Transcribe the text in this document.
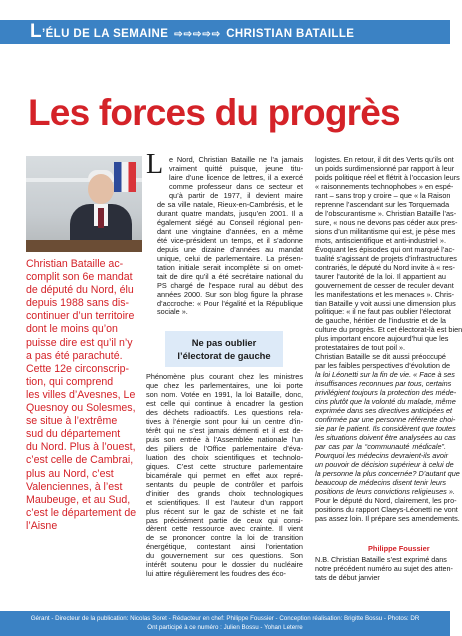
L’ÉLU DE LA SEMAINE ⇨⇨⇨⇨⇨ CHRISTIAN BATAILLE
Les forces du progrès

Christian Bataille ac-
complit son 6e mandat
de député du Nord, élu
depuis 1988 sans dis-
continuer d’un territoire
dont le moins qu’on
puisse dire est qu’il n’y
a pas été parachuté.
Cette 12e circonscrip-
tion, qui comprend
les villes d’Avesnes, Le
Quesnoy ou Solesmes,
se situe à l’extrême
sud du département
du Nord. Plus à l’ouest,
c’est celle de Cambrai,
plus au Nord, c’est
Valenciennes, à l’est
Maubeuge, et au Sud,
c’est le département de
l’Aisne

L e Nord, Christian Bataille ne l’a jamais
vraiment quitté puisque, jeune titu-
laire d’une licence de lettres, il a exercé
comme professeur dans ce secteur et
qu’à partir de 1977, il devient maire
de sa ville natale, Rieux-en-Cambrésis, et le
durant quatre mandats, jusqu’en 2001. Il a
également siégé au Conseil régional pen-
dant une vingtaine d’années, en a même
été vice-président un temps, et il s’adonne
depuis une dizaine d’années au mandat
unique, celui de parlementaire. La présen-
tation initiale serait incomplète si on omet-
tait de dire qu’il a été secrétaire national du
PS chargé de l’espace rural au début des
années 2000. Sur son blog figure la phrase
d’accroche: « Pour l’égalité et la République
sociale ».
Ne pas oublier
l’électorat de gauche
Phénomène plus courant chez les ministres
que chez les parlementaires, une loi porte
son nom. Votée en 1991, la loi Bataille, donc,
est celle qui continue à encadrer la gestion
des déchets radioactifs. Les questions rela-
tives à l’énergie sont pour lui un centre d’in-
térêt qui ne s’est jamais démenti et il est de-
puis son entrée à l’Assemblée nationale l’un
des piliers de l’Office parlementaire d’éva-
luation des choix scientifiques et technolo-
giques. C’est cette structure parlementaire
bicamérale qui permet en effet aux repré-
sentants du peuple de contrôler et parfois
d’initier des grands choix technologiques
et scientifiques. Il est l’auteur d’un rapport
plus récent sur le gaz de schiste et ne fait
pas précisément partie de ceux qui consi-
dèrent cette ressource avec crainte. Il vient
de se prononcer contre la loi de transition
énergétique, contestant ainsi l’orientation
du gouvernement sur ces questions. Son
intérêt soutenu pour le dossier du nucléaire
lui attire régulièrement les foudres des éco-
logistes. En retour, il dit des Verts qu’ils ont
un poids surdimensionné par rapport à leur
poids politique réel et flétrit à l’occasion leurs
« raisonnements technophobes » en espé-
rant – sans trop y croire – que « la Raison
reprenne l’ascendant sur les Torquemada
de l’obscurantisme ». Christian Bataille l’as-
sure, « nous ne devons pas céder aux pres-
sions d’un militantisme qui est, je pèse mes
mots, antiscientifique et anti-industriel ».
Évoquant les épisodes qui ont marqué l’ac-
tualité s’agissant de projets d’infrastructures
contrariés, le député du Nord invite à « res-
taurer l’autorité de la loi. Il appartient au
gouvernement de cesser de reculer devant
les manifestations et les menaces ». Chris-
tian Bataille y voit aussi une dimension plus
politique: « il ne faut pas oublier l’électorat
de gauche, héritier de l’industrie et de la
culture du progrès. Et cet électorat-là est bien
plus important encore aujourd’hui que les
protestataires de tout poil ».
Christian Bataille se dit aussi préoccupé
par les faibles perspectives d’évolution de
la loi Léonetti sur la fin de vie. « Face à ses
insuffisances reconnues par tous, certains
privilégient toujours la protection des méde-
cins plutôt que la volonté du malade, même
exprimée dans ses directives anticipées et
confirmée par une personne référente choi-
sie par le patient. Ils considèrent que toutes
les situations doivent être analysées au cas
par cas par la “communauté médicale”.
Pourquoi les médecins devraient-ils avoir
un pouvoir de décision supérieur à celui de
la personne la plus concernée? D’autant que
beaucoup de médecins disent tenir leurs
positions de leurs convictions religieuses ».
Pour le député du Nord, clairement, les pro-
positions du rapport Claeys-Léonetti ne vont
pas assez loin. Il prépare ses amendements.

Philippe Foussier

N.B. Christian Bataille s’est exprimé dans
notre précédent numéro au sujet des atten-
tats de début janvier
Gérant - Directeur de la publication: Nicolas Soret - Rédacteur en chef: Philippe Foussier - Conception réalisation: Brigitte Bossu - Photos: DR
Ont participé à ce numéro : Julien Bossu - Yohan Leterre
